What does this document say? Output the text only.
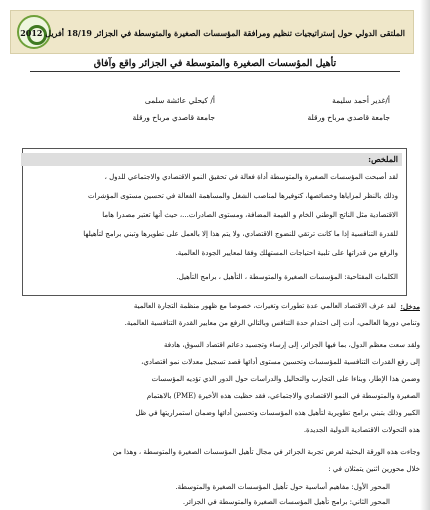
الملتقى الدولي حول إستراتيجيات تنظيم ومرافقة المؤسسات الصغيرة والمتوسطة في الجزائر 18/19 أفريل 2012
تأهيل المؤسسات الصغيرة والمتوسطة في الجزائر واقع وآفاق
أ/غدير أحمد سليمة
أ/ كيحلي عائشة سلمى
جامعة قاصدي مرباح ورقلة
جامعة قاصدي مرباح ورقلة
الملخص:
لقد أصبحت المؤسسات الصغيرة والمتوسطة أداة فعالة في تحقيق النمو الاقتصادي والاجتماعي للدول ،
وذلك بالنظر لمزاياها وخصائصها، كتوفيرها لمناصب الشغل والمساهمة الفعالة في تحسين مستوى المؤشرات
الاقتصادية مثل الناتج الوطني الخام و القيمة المضافة، ومستوى الصادرات...، حيث أنها تعتبر مصدرا هاما
للقدرة التنافسية إذا ما كانت ترتقي للنضوج الاقتصادي، ولا يتم هذا إلا بالعمل على تطويرها وتبني برامج لتأهيلها
والرفع من قدراتها على تلبية احتياجات المستهلك وفقا لمعايير الجودة العالمية.
الكلمات المفتاحية: المؤسسات الصغيرة والمتوسطة ، التأهيل ، برامج التأهيل.
مدخل:
لقد عرف الاقتصاد العالمي عدة تطورات وتغيرات، خصوصا مع ظهور منظمة التجارة العالمية
وتنامي دورها العالمي، أدت إلى احتدام حدة التنافس وبالتالي الرفع من معايير القدرة التنافسية العالمية.
ولقد سعت معظم الدول، بما فيها الجزائر، إلى إرساء وتجسيد دعائم اقتصاد السوق، هادفة
إلى رفع القدرات التنافسية للمؤسسات وتحسين مستوى أدائها قصد تسجيل معدلات نمو اقتصادي،
وضمن هذا الإطار، وبناءا على التجارب والتحاليل والدراسات حول الدور الذي تؤديه المؤسسات
الصغيرة والمتوسطة في النمو الاقتصادي والاجتماعي، فقد حظيت هذه الأخيرة (PME) بالاهتمام
الكبير وذلك بتبني برامج تطويرية لتأهيل هذه المؤسسات وتحسين أدائها وضمان استمراريتها في ظل
هذه التحولات الاقتصادية الدولية الجديدة.
وجاءت هذه الورقة البحثية لعرض تجربة الجزائر في مجال تأهيل المؤسسات الصغيرة والمتوسطة ، وهذا من
خلال محورين اثنين يتمثلان في :
المحور الأول: مفاهيم أساسية حول تأهيل المؤسسات الصغيرة والمتوسطة.
المحور الثاني: برامج تأهيل المؤسسات الصغيرة والمتوسطة في الجزائر.
